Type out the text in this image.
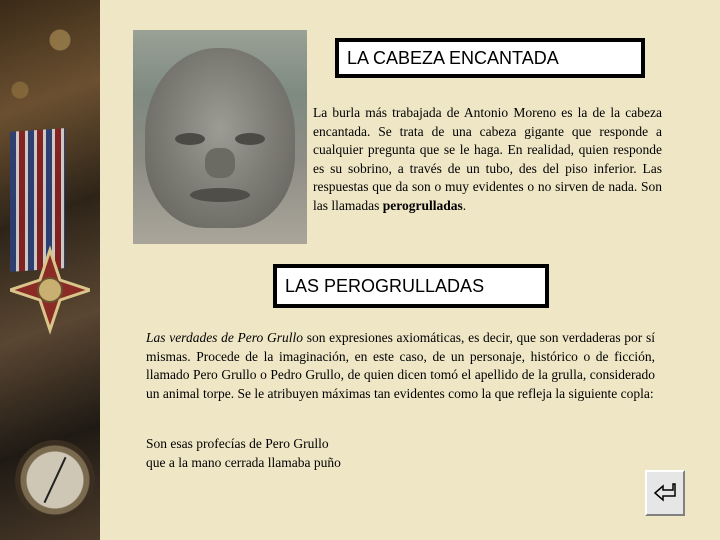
LA CABEZA ENCANTADA

La burla más trabajada de Antonio Moreno es la de la cabeza encantada. Se trata de una cabeza gigante que responde a cualquier pregunta que se le haga. En realidad, quien responde es su sobrino, a través de un tubo, des del piso inferior. Las respuestas que da son o muy evidentes o no sirven de nada. Son las llamadas perogrulladas.

LAS PEROGRULLADAS

Las verdades de Pero Grullo son expresiones axiomáticas, es decir, que son verdaderas por sí mismas. Procede de la imaginación, en este caso, de un personaje, histórico o de ficción, llamado Pero Grullo o Pedro Grullo, de quien dicen tomó el apellido de la grulla, considerado un animal torpe. Se le atribuyen máximas tan evidentes como la que refleja la siguiente copla:

Son esas profecías de Pero Grullo
que a la mano cerrada llamaba puño
